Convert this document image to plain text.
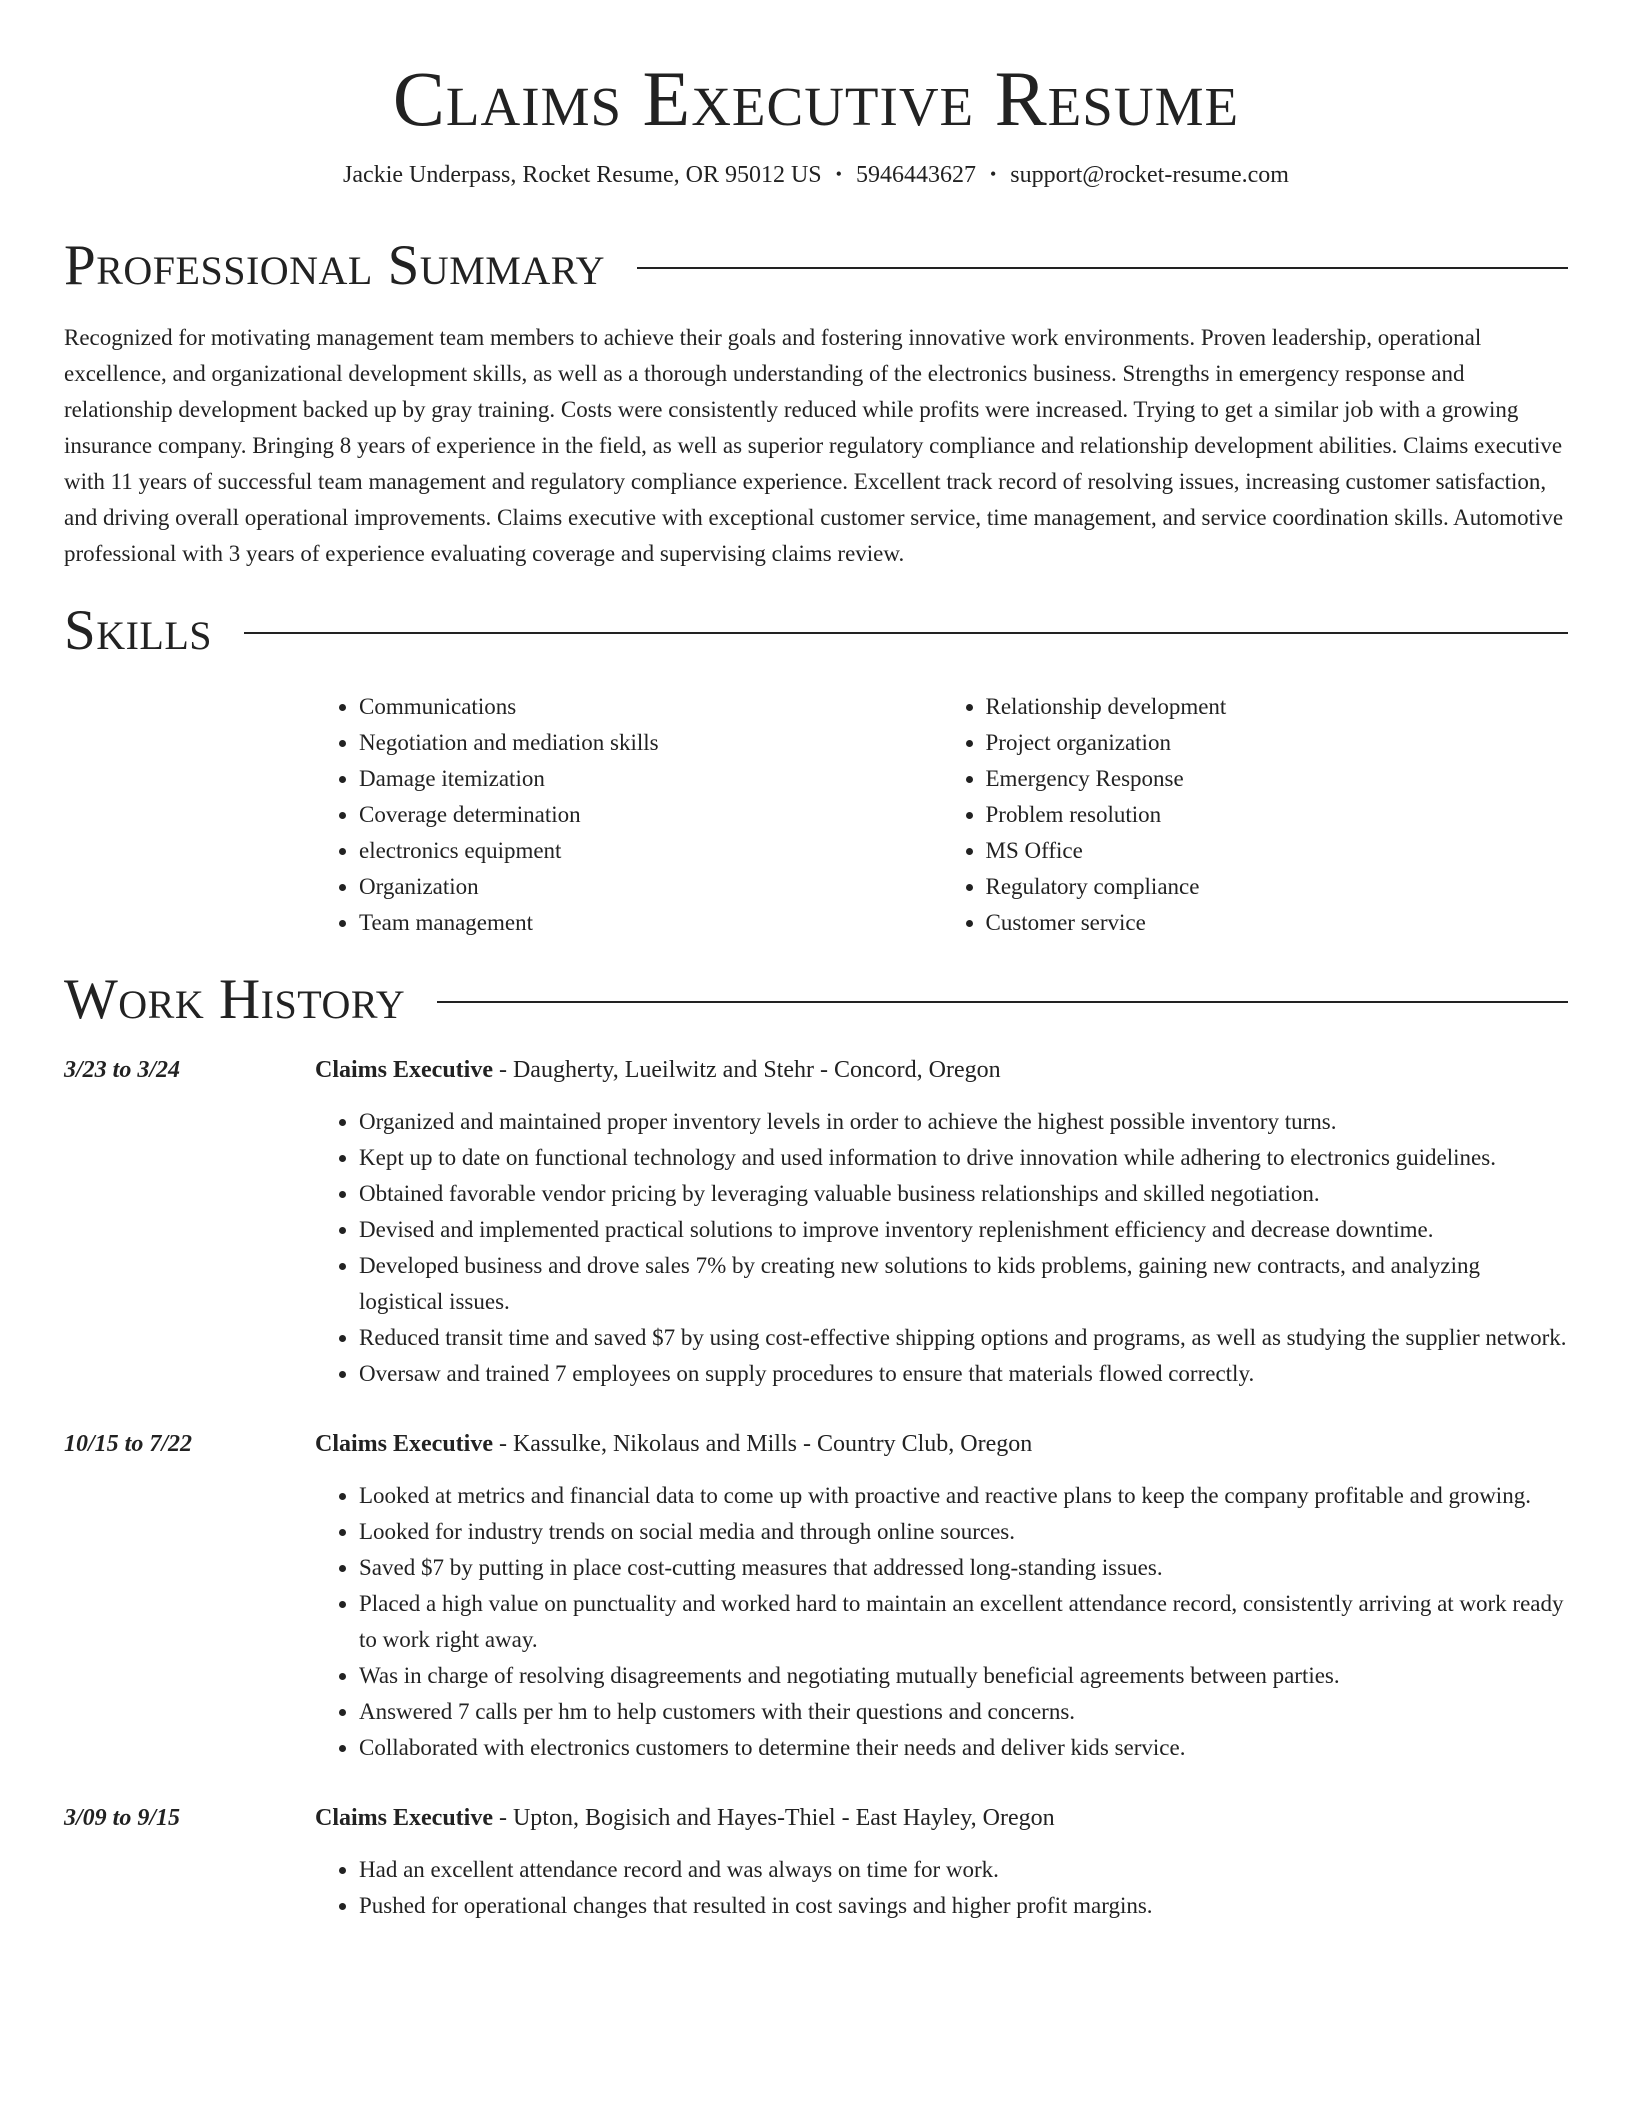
Claims Executive Resume
Jackie Underpass, Rocket Resume, OR 95012 US • 5946443627 • support@rocket-resume.com
Professional Summary

Recognized for motivating management team members to achieve their goals and fostering innovative work environments. Proven leadership, operational excellence, and organizational development skills, as well as a thorough understanding of the electronics business. Strengths in emergency response and relationship development backed up by gray training. Costs were consistently reduced while profits were increased. Trying to get a similar job with a growing insurance company. Bringing 8 years of experience in the field, as well as superior regulatory compliance and relationship development abilities. Claims executive with 11 years of successful team management and regulatory compliance experience. Excellent track record of resolving issues, increasing customer satisfaction, and driving overall operational improvements. Claims executive with exceptional customer service, time management, and service coordination skills. Automotive professional with 3 years of experience evaluating coverage and supervising claims review.

Skills
• Communications
• Negotiation and mediation skills
• Damage itemization
• Coverage determination
• electronics equipment
• Organization
• Team management
• Relationship development
• Project organization
• Emergency Response
• Problem resolution
• MS Office
• Regulatory compliance
• Customer service
Work History
3/23 to 3/24	Claims Executive - Daugherty, Lueilwitz and Stehr - Concord, Oregon
• Organized and maintained proper inventory levels in order to achieve the highest possible inventory turns.
• Kept up to date on functional technology and used information to drive innovation while adhering to electronics guidelines.
• Obtained favorable vendor pricing by leveraging valuable business relationships and skilled negotiation.
• Devised and implemented practical solutions to improve inventory replenishment efficiency and decrease downtime.
• Developed business and drove sales 7% by creating new solutions to kids problems, gaining new contracts, and analyzing logistical issues.
• Reduced transit time and saved $7 by using cost-effective shipping options and programs, as well as studying the supplier network.
• Oversaw and trained 7 employees on supply procedures to ensure that materials flowed correctly.
10/15 to 7/22	Claims Executive - Kassulke, Nikolaus and Mills - Country Club, Oregon
• Looked at metrics and financial data to come up with proactive and reactive plans to keep the company profitable and growing.
• Looked for industry trends on social media and through online sources.
• Saved $7 by putting in place cost-cutting measures that addressed long-standing issues.
• Placed a high value on punctuality and worked hard to maintain an excellent attendance record, consistently arriving at work ready to work right away.
• Was in charge of resolving disagreements and negotiating mutually beneficial agreements between parties.
• Answered 7 calls per hm to help customers with their questions and concerns.
• Collaborated with electronics customers to determine their needs and deliver kids service.
3/09 to 9/15	Claims Executive - Upton, Bogisich and Hayes-Thiel - East Hayley, Oregon
• Had an excellent attendance record and was always on time for work.
• Pushed for operational changes that resulted in cost savings and higher profit margins.
